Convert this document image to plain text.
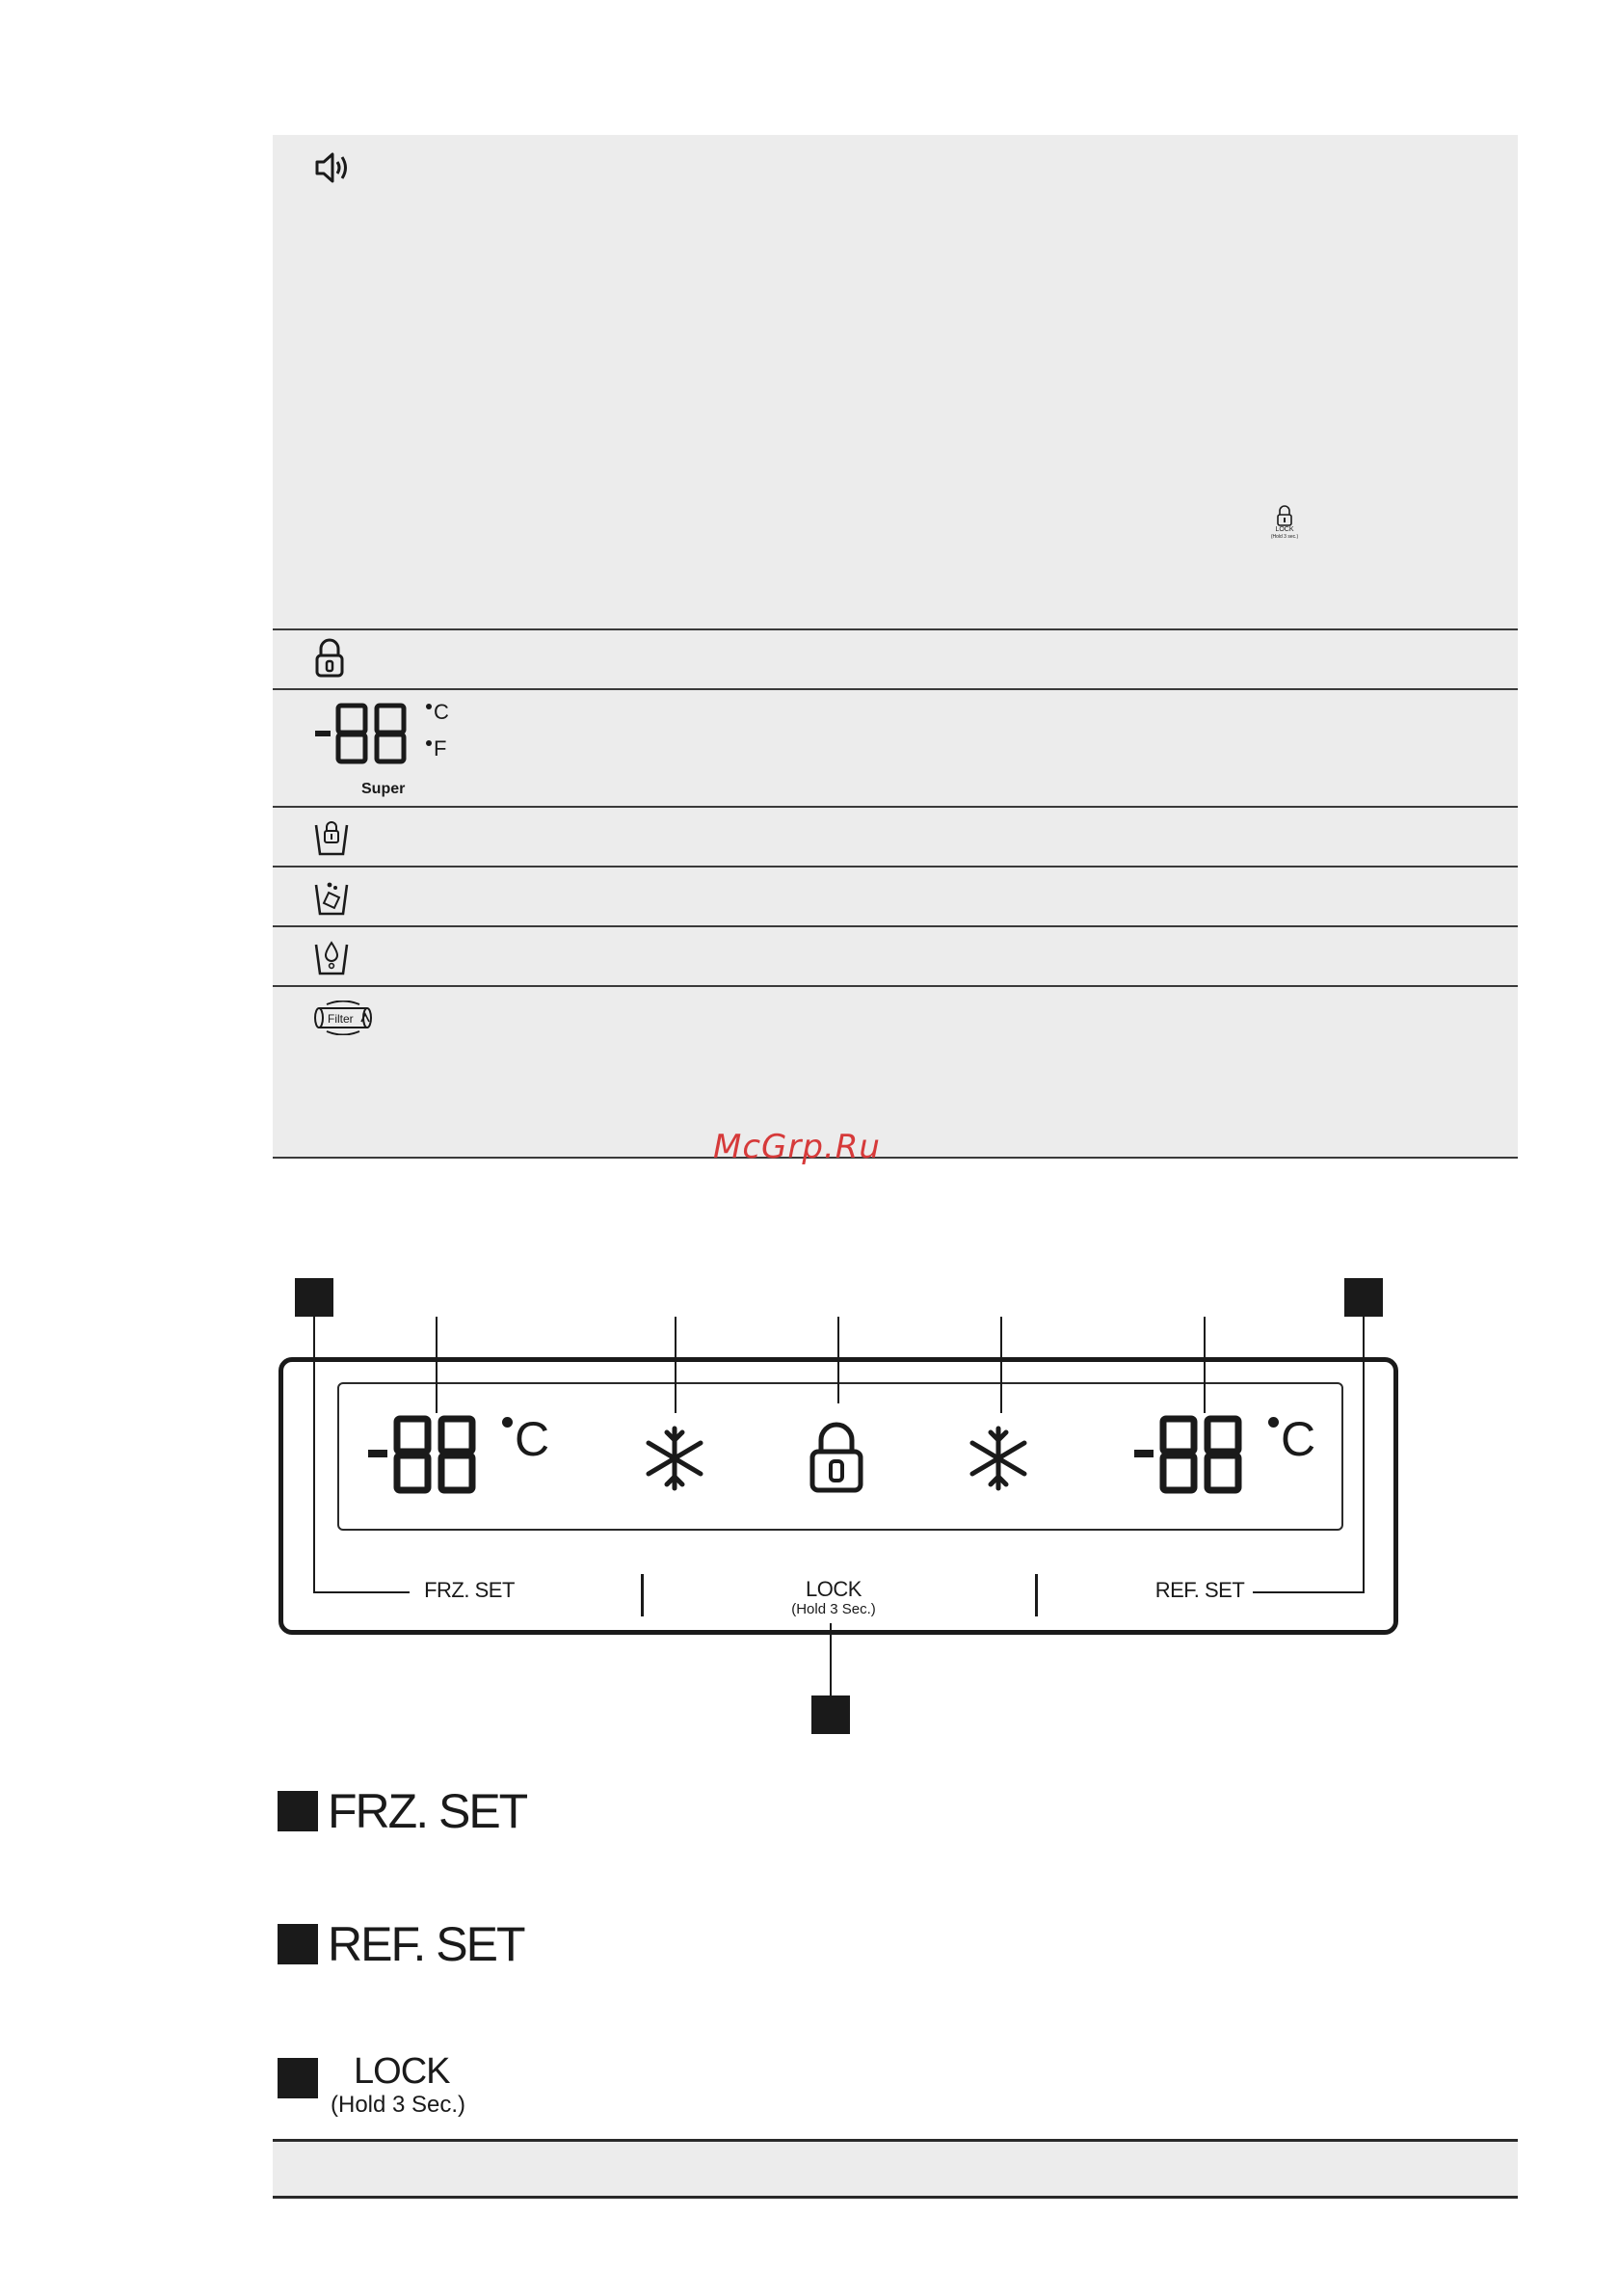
LOCK
(Hold 3 sec.)
C
F
Super
Filter
McGrp.Ru
C	C
FRZ. SET	LOCK
(Hold 3 Sec.)
REF. SET
FRZ. SET
REF. SET
LOCK
(Hold 3 Sec.)
